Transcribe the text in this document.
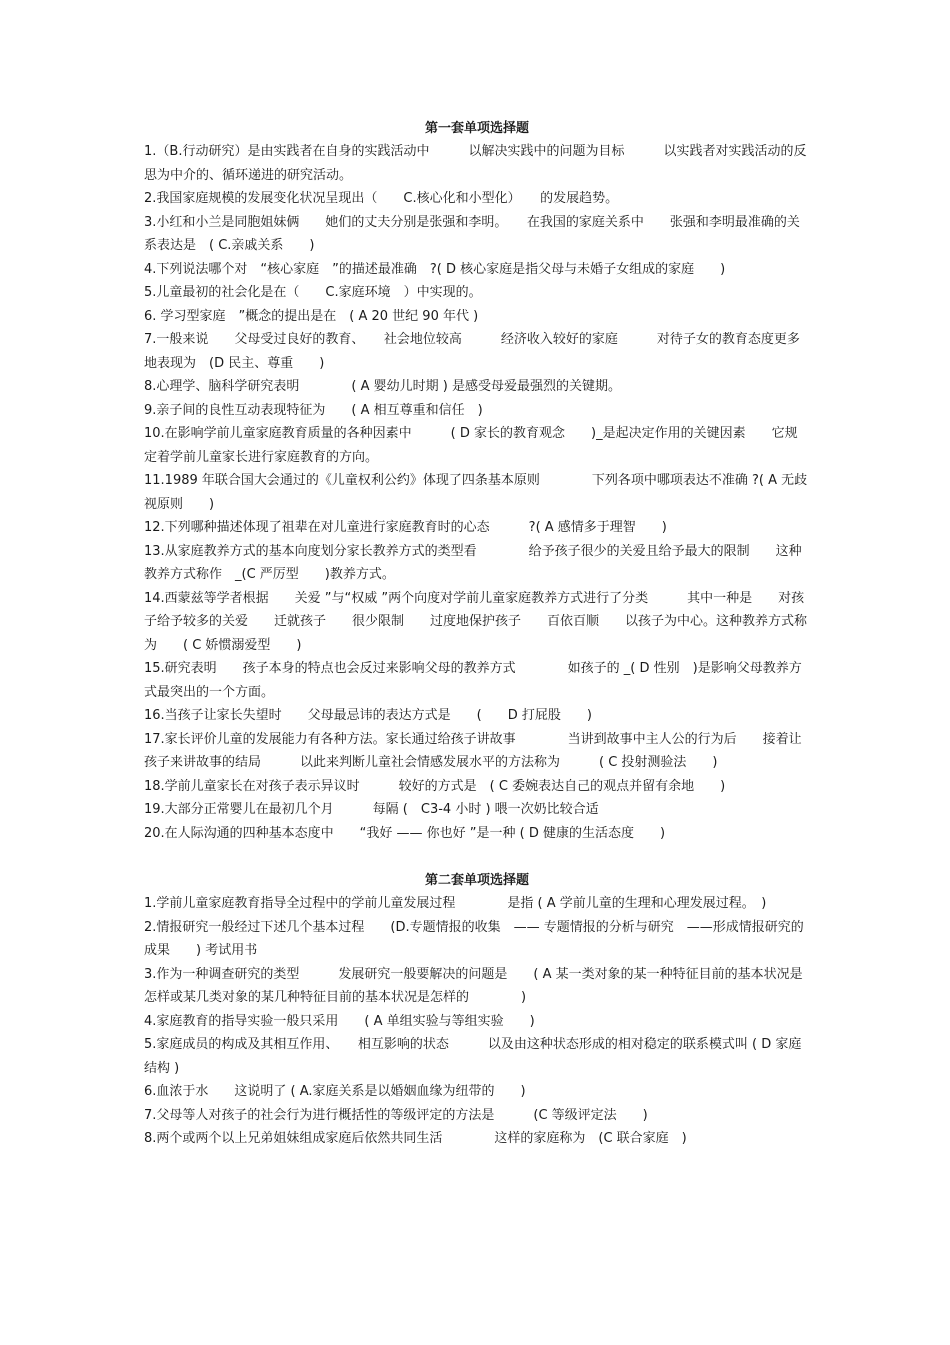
第一套单项选择题

1.（B.行动研究）是由实践者在自身的实践活动中　　　以解决实践中的问题为目标　　　以实践者对实践活动的反思为中介的、循环递进的研究活动。

2.我国家庭规模的发展变化状况呈现出（　　C.核心化和小型化）　　的发展趋势。

3.小红和小兰是同胞姐妹俩　　她们的丈夫分别是张强和李明。　　在我国的家庭关系中　　张强和李明最准确的关系表达是　( C.亲戚关系　　)

4.下列说法哪个对　“核心家庭　”的描述最准确　?( D 核心家庭是指父母与未婚子女组成的家庭　　)

5.儿童最初的社会化是在（　　C.家庭环境　）中实现的。

6. 学习型家庭　”概念的提出是在　( A 20 世纪 90 年代 )

7.一般来说　　父母受过良好的教育、　　社会地位较高　　　经济收入较好的家庭　　　对待子女的教育态度更多地表现为　(D 民主、尊重　　)

8.心理学、脑科学研究表明　　　　( A 婴幼儿时期 ) 是感受母爱最强烈的关键期。

9.亲子间的良性互动表现特征为　　( A 相互尊重和信任　)

10.在影响学前儿童家庭教育质量的各种因素中　　　( D 家长的教育观念　　)_是起决定作用的关键因素　　它规定着学前儿童家长进行家庭教育的方向。

11.1989 年联合国大会通过的《儿童权利公约》体现了四条基本原则　　　　下列各项中哪项表达不准确 ?( A 无歧视原则　　)

12.下列哪种描述体现了祖辈在对儿童进行家庭教育时的心态　　　?( A 感情多于理智　　)

13.从家庭教养方式的基本向度划分家长教养方式的类型看　　　　给予孩子很少的关爱且给予最大的限制　　这种教养方式称作　_(C 严厉型　　)教养方式。

14.西蒙兹等学者根据　　关爱 ”与“权威 ”两个向度对学前儿童家庭教养方式进行了分类　　　其中一种是　　对孩子给予较多的关爱　　迁就孩子　　很少限制　　过度地保护孩子　　百依百顺　　以孩子为中心。这种教养方式称为　　( C 娇惯溺爱型　　)

15.研究表明　　孩子本身的特点也会反过来影响父母的教养方式　　　　如孩子的 _( D 性别　)是影响父母教养方式最突出的一个方面。

16.当孩子让家长失望时　　父母最忌讳的表达方式是　　(　　D 打屁股　　)

17.家长评价儿童的发展能力有各种方法。家长通过给孩子讲故事　　　　当讲到故事中主人公的行为后　　接着让孩子来讲故事的结局　　　以此来判断儿童社会情感发展水平的方法称为　　　( C 投射测验法　　)

18.学前儿童家长在对孩子表示异议时　　　较好的方式是　( C 委婉表达自己的观点并留有余地　　)

19.大部分正常婴儿在最初几个月　　　每隔 (　C3-4 小时 ) 喂一次奶比较合适

20.在人际沟通的四种基本态度中　　“我好 —— 你也好 ”是一种 ( D 健康的生活态度　　)

第二套单项选择题

1.学前儿童家庭教育指导全过程中的学前儿童发展过程　　　　是指 ( A 学前儿童的生理和心理发展过程。　)

2.情报研究一般经过下述几个基本过程　　(D.专题情报的收集　—— 专题情报的分析与研究　——形成情报研究的成果　　) 考试用书

3.作为一种调查研究的类型　　　发展研究一般要解决的问题是　　( A 某一类对象的某一种特征目前的基本状况是怎样或某几类对象的某几种特征目前的基本状况是怎样的　　　　)

4.家庭教育的指导实验一般只采用　　( A 单组实验与等组实验　　)

5.家庭成员的构成及其相互作用、　　相互影响的状态　　　以及由这种状态形成的相对稳定的联系模式叫 ( D 家庭结构 )

6.血浓于水　　这说明了 ( A.家庭关系是以婚姻血缘为纽带的　　)

7.父母等人对孩子的社会行为进行概括性的等级评定的方法是　　　(C 等级评定法　　)

8.两个或两个以上兄弟姐妹组成家庭后依然共同生活　　　　这样的家庭称为　(C 联合家庭　)
